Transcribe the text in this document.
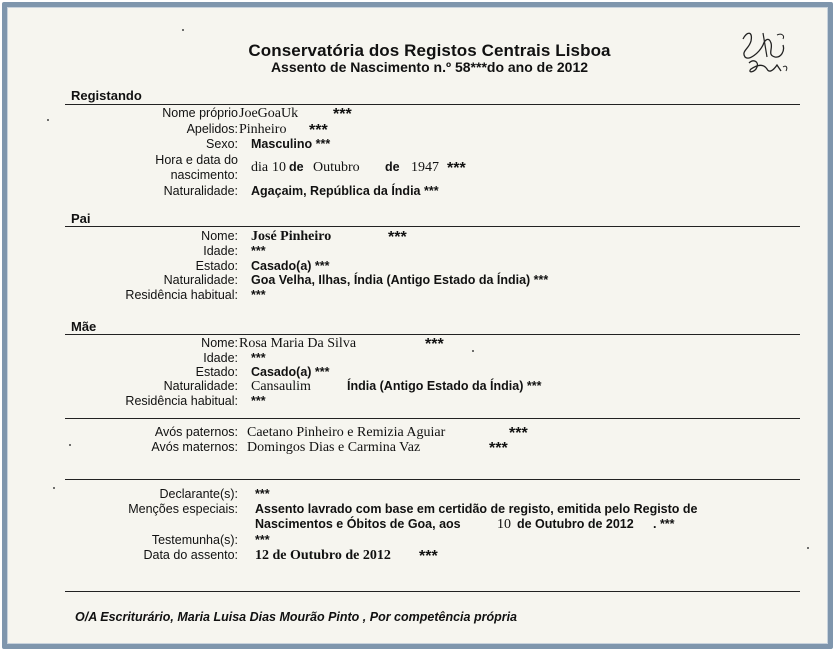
Conservatória dos Registos Centrais Lisboa
Assento de Nascimento n.º 58***do ano de 2012
Registando
Nome próprio JoeGoaUk ***
Apelidos: Pinheiro ***
Sexo: Masculino ***
Hora e data do
nascimento: dia 10 de Outubro de 1947 ***
Naturalidade: Agaçaim, República da Índia ***
Pai
Nome: José Pinheiro	***
Idade: ***
Estado: Casado(a) ***
Naturalidade: Goa Velha, Ilhas, Índia (Antigo Estado da Índia) ***
Residência habitual: ***
Mãe
Nome: Rosa Maria Da Silva	***
Idade: ***
Estado: Casado(a) ***
Naturalidade: Cansaulim	Índia (Antigo Estado da Índia) ***
Residência habitual: ***
Avós paternos: Caetano Pinheiro e Remizia Aguiar	***
Avós maternos: Domingos Dias e Carmina Vaz	***
Declarante(s): ***
Menções especiais: Assento lavrado com base em certidão de registo, emitida pelo Registo de
Nascimentos e Óbitos de Goa, aos	10 de Outubro de 2012 . ***
Testemunha(s): ***
Data do assento: 12 de Outubro de 2012 ***
O/A Escriturário, Maria Luisa Dias Mourão Pinto , Por competência própria
